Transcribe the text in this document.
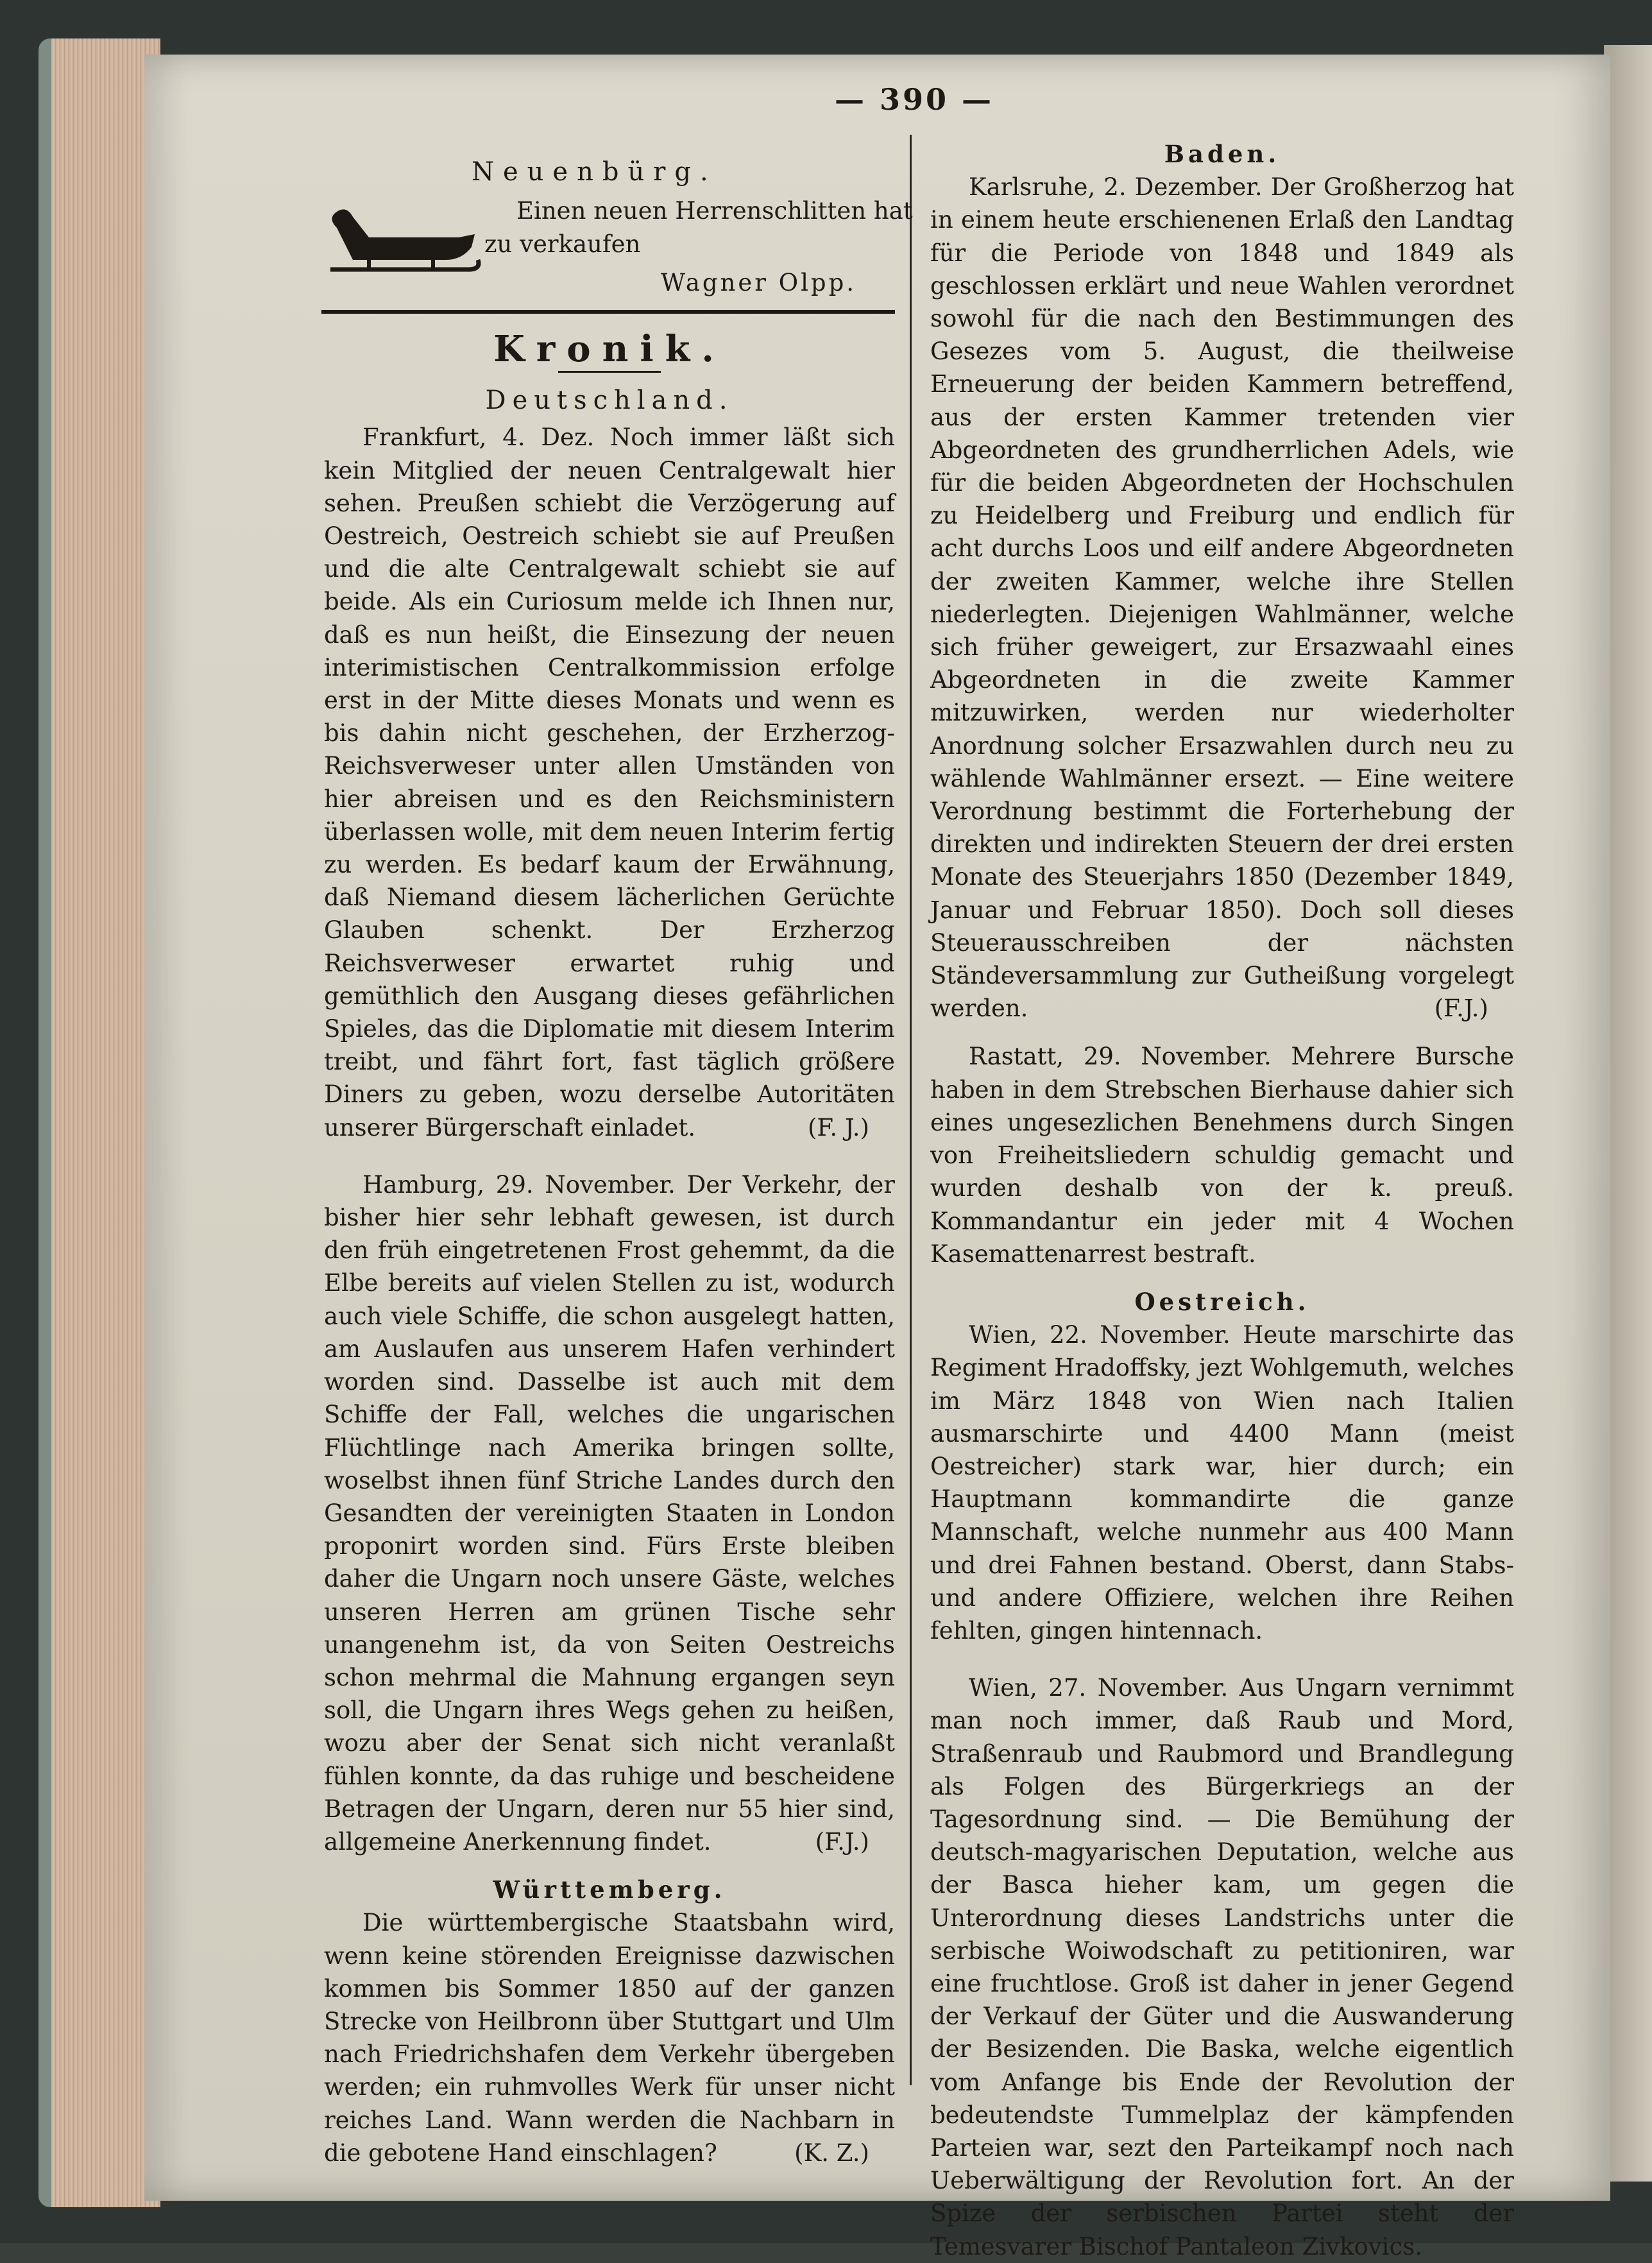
— 390 —
Neuenbürg.
Einen neuen Herrenschlitten hat
zu verkaufen
Wagner Olpp.
Kronik.
Deutschland.

Frankfurt, 4. Dez. Noch immer läßt sich kein Mitglied der neuen Centralgewalt hier sehen. Preußen schiebt die Verzögerung auf Oestreich, Oestreich schiebt sie auf Preußen und die alte Centralgewalt schiebt sie auf beide. Als ein Curiosum melde ich Ihnen nur, daß es nun heißt, die Einsezung der neuen interimistischen Centralkommission erfolge erst in der Mitte dieses Monats und wenn es bis dahin nicht geschehen, der Erzherzog-Reichsverweser unter allen Umständen von hier abreisen und es den Reichsministern überlassen wolle, mit dem neuen Interim fertig zu werden. Es bedarf kaum der Erwähnung, daß Niemand diesem lächerlichen Gerüchte Glauben schenkt. Der Erzherzog Reichsverweser erwartet ruhig und gemüthlich den Ausgang dieses gefährlichen Spieles, das die Diplomatie mit diesem Interim treibt, und fährt fort, fast täglich größere Diners zu geben, wozu derselbe Autoritäten unserer Bürgerschaft einladet.	(F. J.)

Hamburg, 29. November. Der Verkehr, der bisher hier sehr lebhaft gewesen, ist durch den früh eingetretenen Frost gehemmt, da die Elbe bereits auf vielen Stellen zu ist, wodurch auch viele Schiffe, die schon ausgelegt hatten, am Auslaufen aus unserem Hafen verhindert worden sind. Dasselbe ist auch mit dem Schiffe der Fall, welches die ungarischen Flüchtlinge nach Amerika bringen sollte, woselbst ihnen fünf Striche Landes durch den Gesandten der vereinigten Staaten in London proponirt worden sind. Fürs Erste bleiben daher die Ungarn noch unsere Gäste, welches unseren Herren am grünen Tische sehr unangenehm ist, da von Seiten Oestreichs schon mehrmal die Mahnung ergangen seyn soll, die Ungarn ihres Wegs gehen zu heißen, wozu aber der Senat sich nicht veranlaßt fühlen konnte, da das ruhige und bescheidene Betragen der Ungarn, deren nur 55 hier sind, allgemeine Anerkennung findet.	(F.J.)

Württemberg.

Die württembergische Staatsbahn wird, wenn keine störenden Ereignisse dazwischen kommen bis Sommer 1850 auf der ganzen Strecke von Heilbronn über Stuttgart und Ulm nach Friedrichshafen dem Verkehr übergeben werden; ein ruhmvolles Werk für unser nicht reiches Land. Wann werden die Nachbarn in die gebotene Hand einschlagen?	(K. Z.)

Baden.

Karlsruhe, 2. Dezember. Der Großherzog hat in einem heute erschienenen Erlaß den Landtag für die Periode von 1848 und 1849 als geschlossen erklärt und neue Wahlen verordnet sowohl für die nach den Bestimmungen des Gesezes vom 5. August, die theilweise Erneuerung der beiden Kammern betreffend, aus der ersten Kammer tretenden vier Abgeordneten des grundherrlichen Adels, wie für die beiden Abgeordneten der Hochschulen zu Heidelberg und Freiburg und endlich für acht durchs Loos und eilf andere Abgeordneten der zweiten Kammer, welche ihre Stellen niederlegten. Diejenigen Wahlmänner, welche sich früher geweigert, zur Ersazwaahl eines Abgeordneten in die zweite Kammer mitzuwirken, werden nur wiederholter Anordnung solcher Ersazwahlen durch neu zu wählende Wahlmänner ersezt. — Eine weitere Verordnung bestimmt die Forterhebung der direkten und indirekten Steuern der drei ersten Monate des Steuerjahrs 1850 (Dezember 1849, Januar und Februar 1850). Doch soll dieses Steuerausschreiben der nächsten Ständeversammlung zur Gutheißung vorgelegt werden.	(F.J.)

Rastatt, 29. November. Mehrere Bursche haben in dem Strebschen Bierhause dahier sich eines ungesezlichen Benehmens durch Singen von Freiheitsliedern schuldig gemacht und wurden deshalb von der k. preuß. Kommandantur ein jeder mit 4 Wochen Kasemattenarrest bestraft.

Oestreich.

Wien, 22. November. Heute marschirte das Regiment Hradoffsky, jezt Wohlgemuth, welches im März 1848 von Wien nach Italien ausmarschirte und 4400 Mann (meist Oestreicher) stark war, hier durch; ein Hauptmann kommandirte die ganze Mannschaft, welche nunmehr aus 400 Mann und drei Fahnen bestand. Oberst, dann Stabs- und andere Offiziere, welchen ihre Reihen fehlten, gingen hintennach.

Wien, 27. November. Aus Ungarn vernimmt man noch immer, daß Raub und Mord, Straßenraub und Raubmord und Brandlegung als Folgen des Bürgerkriegs an der Tagesordnung sind. — Die Bemühung der deutsch-magyarischen Deputation, welche aus der Basca hieher kam, um gegen die Unterordnung dieses Landstrichs unter die serbische Woiwodschaft zu petitioniren, war eine fruchtlose. Groß ist daher in jener Gegend der Verkauf der Güter und die Auswanderung der Besizenden. Die Baska, welche eigentlich vom Anfange bis Ende der Revolution der bedeutendste Tummelplaz der kämpfenden Parteien war, sezt den Parteikampf noch nach Ueberwältigung der Revolution fort. An der Spize der serbischen Partei steht der Temesvarer Bischof Pantaleon Zivkovics.
